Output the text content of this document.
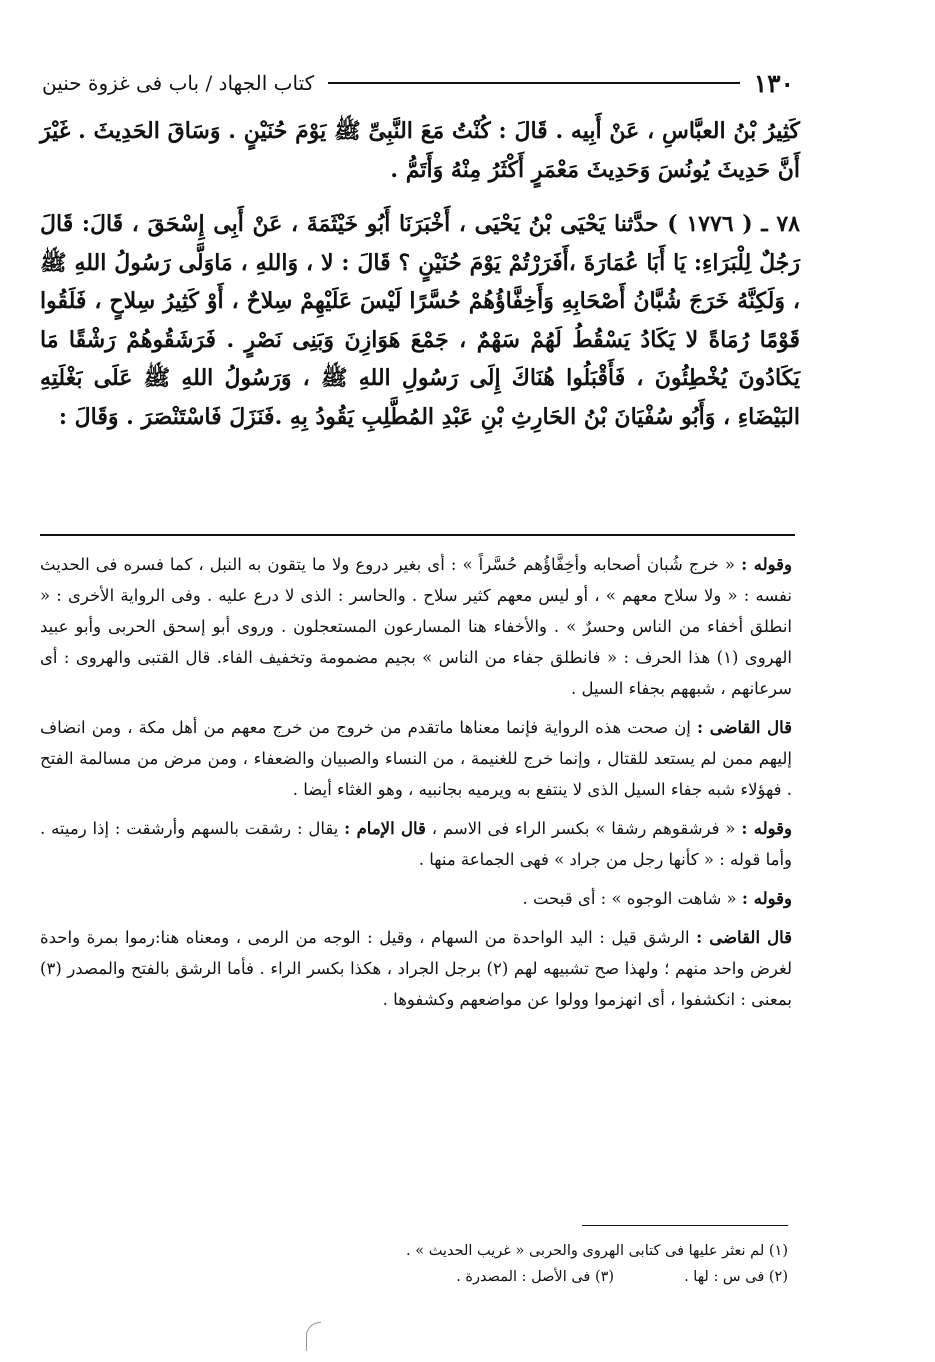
١٣٠
كتاب الجهاد / باب فى غزوة حنين

كَثِيرُ بْنُ العبَّاسِ ، عَنْ أَبِيه . قَالَ : كُنْتُ مَعَ النَّبِىِّ ﷺ يَوْمَ حُنَيْنٍ . وَسَاقَ الحَدِيثَ . غَيْرَ أَنَّ حَدِيثَ يُونُسَ وَحَدِيثَ مَعْمَرٍ أَكْثَرُ مِنْهُ وَأَتَمُّ .

٧٨ ـ ( ١٧٧٦ ) حدَّثنا يَحْيَى بْنُ يَحْيَى ، أَخْبَرَنَا أَبُو خَيْثَمَةَ ، عَنْ أَبِى إِسْحَقَ ، قَالَ: قَالَ رَجُلٌ لِلْبَرَاءِ: يَا أَبَا عُمَارَةَ ،أَفَرَرْتُمْ يَوْمَ حُنَيْنٍ ؟ قَالَ : لا ، وَاللهِ ، مَاوَلَّى رَسُولُ اللهِ ﷺ ، وَلَكِنَّهُ خَرَجَ شُبَّانُ أَصْحَابِهِ وَأَخِفَّاؤُهُمْ حُسَّرًا لَيْسَ عَلَيْهِمْ سِلاحٌ ، أَوْ كَثِيرُ سِلاحٍ ، فَلَقُوا قَوْمًا رُمَاةً لا يَكَادُ يَسْقُطُ لَهُمْ سَهْمٌ ، جَمْعَ هَوَازِنَ وَبَنِى نَصْرٍ . فَرَشَقُوهُمْ رَشْقًا مَا يَكَادُونَ يُخْطِئُونَ ، فَأَقْبَلُوا هُنَاكَ إِلَى رَسُولِ اللهِ ﷺ ، وَرَسُولُ اللهِ ﷺ عَلَى بَغْلَتِهِ البَيْضَاءِ ، وَأَبُو سُفْيَانَ بْنُ الحَارِثِ بْنِ عَبْدِ المُطَّلِبِ يَقُودُ بِهِ .فَنَزَلَ فَاسْتَنْصَرَ . وَقَالَ :

وقوله : « خرج شُبان أصحابه وأخِفَّاؤُهم حُسَّراً » : أى بغير دروع ولا ما يتقون به النبل ، كما فسره فى الحديث نفسه : « ولا سلاح معهم » ، أو ليس معهم كثير سلاح . والحاسر : الذى لا درع عليه . وفى الرواية الأخرى : « انطلق أخفاء من الناس وحسرٌ » . والأخفاء هنا المسارعون المستعجلون . وروى أبو إسحق الحربى وأبو عبيد الهروى (١) هذا الحرف : « فانطلق جفاء من الناس » بجيم مضمومة وتخفيف الفاء. قال القتبى والهروى : أى سرعانهم ، شبههم بجفاء السيل .

قال القاضى : إن صحت هذه الرواية فإنما معناها ماتقدم من خروج من خرج معهم من أهل مكة ، ومن انضاف إليهم ممن لم يستعد للقتال ، وإنما خرج للغنيمة ، من النساء والصبيان والضعفاء ، ومن مرض من مسالمة الفتح . فهؤلاء شبه جفاء السيل الذى لا ينتفع به ويرميه بجانبيه ، وهو الغثاء أيضا .

وقوله : « فرشقوهم رشقا » بكسر الراء فى الاسم ، قال الإمام : يقال : رشقت بالسهم وأرشقت : إذا رميته . وأما قوله : « كأنها رجل من جراد » فهى الجماعة منها .

وقوله : « شاهت الوجوه » : أى قبحت .

قال القاضى : الرشق قيل : اليد الواحدة من السهام ، وقيل : الوجه من الرمى ، ومعناه هنا:رموا بمرة واحدة لغرض واحد منهم ؛ ولهذا صح تشبيهه لهم (٢) برجل الجراد ، هكذا بكسر الراء . فأما الرشق بالفتح والمصدر (٣) بمعنى : انكشفوا ، أى انهزموا وولوا عن مواضعهم وكشفوها .

(١) لم نعثر عليها فى كتابى الهروى والحربى « غريب الحديث » .
(٢) فى س : لها .(٣) فى الأصل : المصدرة .
